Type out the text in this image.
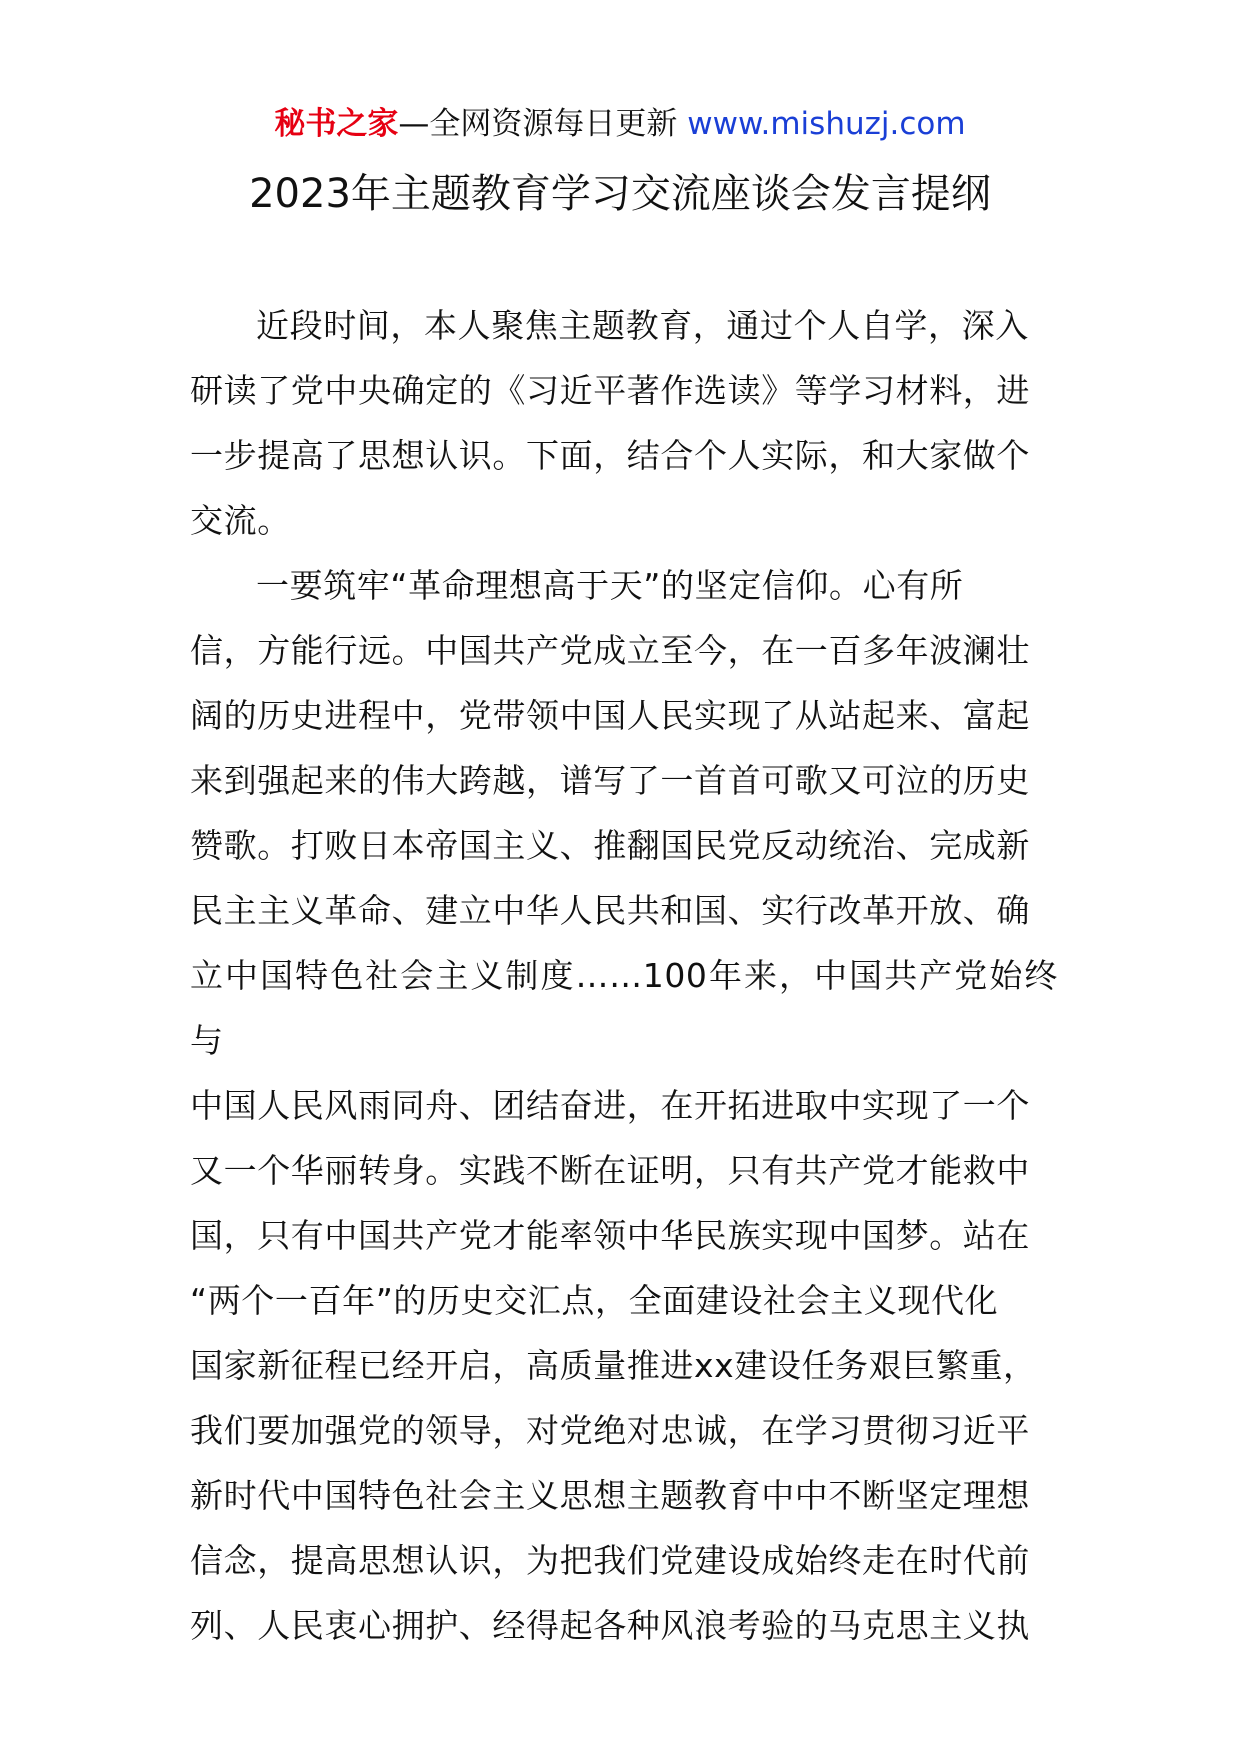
秘书之家—全网资源每日更新 www.mishuzj.com
2023年主题教育学习交流座谈会发言提纲

近段时间，本人聚焦主题教育，通过个人自学，深入
研读了党中央确定的《习近平著作选读》等学习材料，进
一步提高了思想认识。下面，结合个人实际，和大家做个
交流。

一要筑牢“革命理想高于天”的坚定信仰。心有所
信，方能行远。中国共产党成立至今，在一百多年波澜壮
阔的历史进程中，党带领中国人民实现了从站起来、富起
来到强起来的伟大跨越，谱写了一首首可歌又可泣的历史
赞歌。打败日本帝国主义、推翻国民党反动统治、完成新
民主主义革命、建立中华人民共和国、实行改革开放、确
立中国特色社会主义制度……100年来，中国共产党始终与
中国人民风雨同舟、团结奋进，在开拓进取中实现了一个
又一个华丽转身。实践不断在证明，只有共产党才能救中
国，只有中国共产党才能率领中华民族实现中国梦。站在
“两个一百年”的历史交汇点，全面建设社会主义现代化
国家新征程已经开启，高质量推进xx建设任务艰巨繁重，
我们要加强党的领导，对党绝对忠诚，在学习贯彻习近平
新时代中国特色社会主义思想主题教育中中不断坚定理想
信念，提高思想认识，为把我们党建设成始终走在时代前
列、人民衷心拥护、经得起各种风浪考验的马克思主义执
